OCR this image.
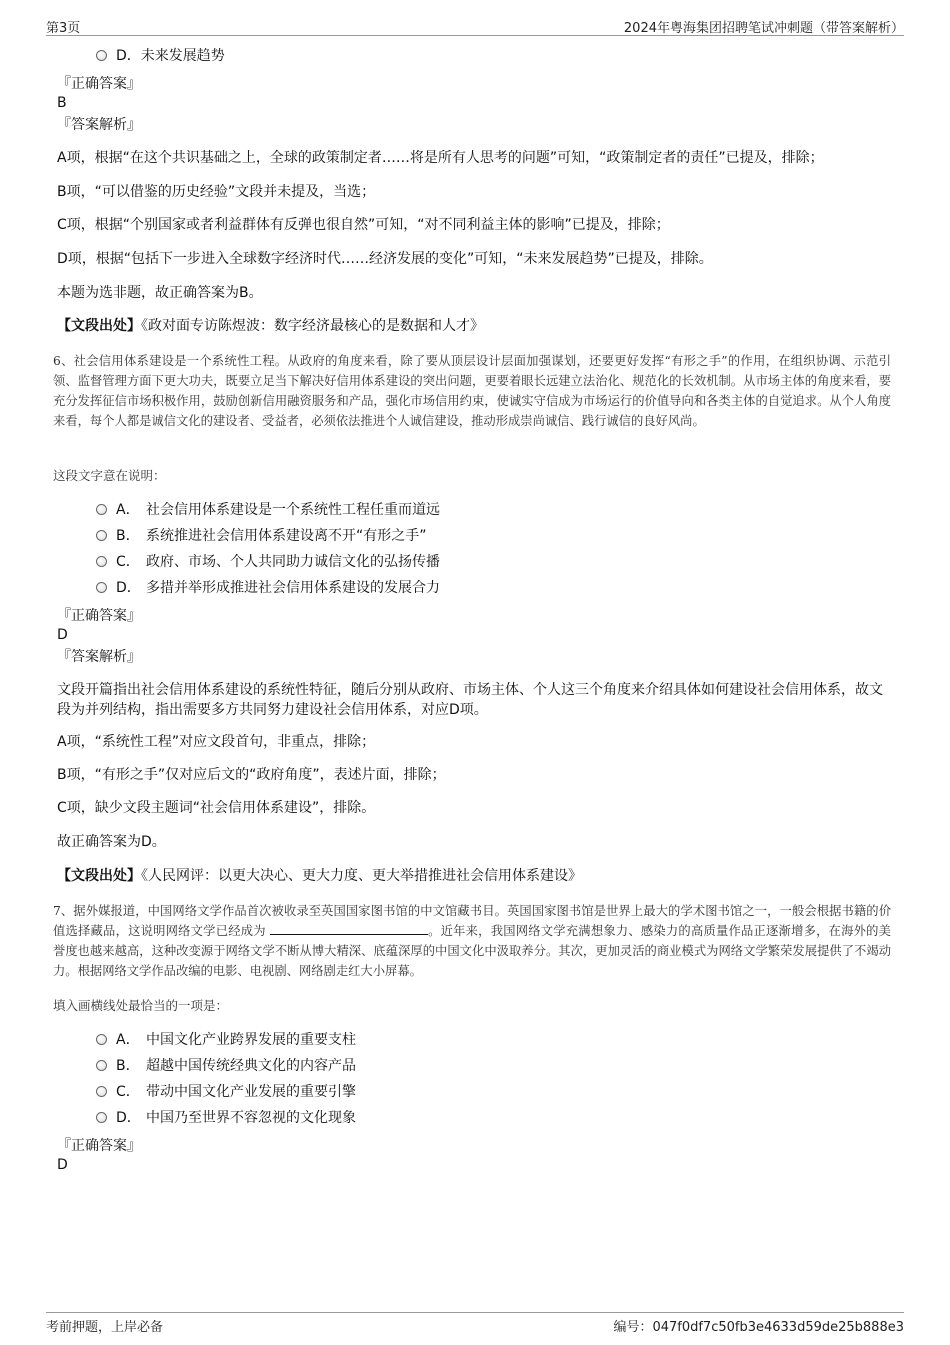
第3页	2024年粤海集团招聘笔试冲刺题（带答案解析）
D．未来发展趋势
『正确答案』
B
『答案解析』
A项，根据“在这个共识基础之上，全球的政策制定者……将是所有人思考的问题”可知，“政策制定者的责任”已提及，排除；
B项，“可以借鉴的历史经验”文段并未提及，当选；
C项，根据“个别国家或者利益群体有反弹也很自然”可知，“对不同利益主体的影响”已提及，排除；
D项，根据“包括下一步进入全球数字经济时代……经济发展的变化”可知，“未来发展趋势”已提及，排除。
本题为选非题，故正确答案为B。
【文段出处】《政对面专访陈煜波：数字经济最核心的是数据和人才》
6、社会信用体系建设是一个系统性工程。从政府的角度来看，除了要从顶层设计层面加强谋划，还要更好发挥“有形之手”的作用，在组织协调、示范引领、监督管理方面下更大功夫，既要立足当下解决好信用体系建设的突出问题，更要着眼长远建立法治化、规范化的长效机制。从市场主体的角度来看，要充分发挥征信市场积极作用，鼓励创新信用融资服务和产品，强化市场信用约束，使诚实守信成为市场运行的价值导向和各类主体的自觉追求。从个人角度来看，每个人都是诚信文化的建设者、受益者，必须依法推进个人诚信建设，推动形成崇尚诚信、践行诚信的良好风尚。
这段文字意在说明：
A． 社会信用体系建设是一个系统性工程任重而道远
B． 系统推进社会信用体系建设离不开“有形之手”
C． 政府、市场、个人共同助力诚信文化的弘扬传播
D． 多措并举形成推进社会信用体系建设的发展合力
『正确答案』
D
『答案解析』
文段开篇指出社会信用体系建设的系统性特征，随后分别从政府、市场主体、个人这三个角度来介绍具体如何建设社会信用体系，故文段为并列结构，指出需要多方共同努力建设社会信用体系，对应D项。
A项，“系统性工程”对应文段首句，非重点，排除；
B项，“有形之手”仅对应后文的“政府角度”，表述片面，排除；
C项，缺少文段主题词“社会信用体系建设”，排除。
故正确答案为D。
【文段出处】《人民网评：以更大决心、更大力度、更大举措推进社会信用体系建设》
7、据外媒报道，中国网络文学作品首次被收录至英国国家图书馆的中文馆藏书目。英国国家图书馆是世界上最大的学术图书馆之一，一般会根据书籍的价值选择藏品，这说明网络文学已经成为	。近年来，我国网络文学充满想象力、感染力的高质量作品正逐渐增多，在海外的美誉度也越来越高，这种改变源于网络文学不断从博大精深、底蕴深厚的中国文化中汲取养分。其次，更加灵活的商业模式为网络文学繁荣发展提供了不竭动力。根据网络文学作品改编的电影、电视剧、网络剧走红大小屏幕。
填入画横线处最恰当的一项是：
A． 中国文化产业跨界发展的重要支柱
B． 超越中国传统经典文化的内容产品
C． 带动中国文化产业发展的重要引擎
D． 中国乃至世界不容忽视的文化现象
『正确答案』
D
考前押题，上岸必备	编号：047f0df7c50fb3e4633d59de25b888e3
